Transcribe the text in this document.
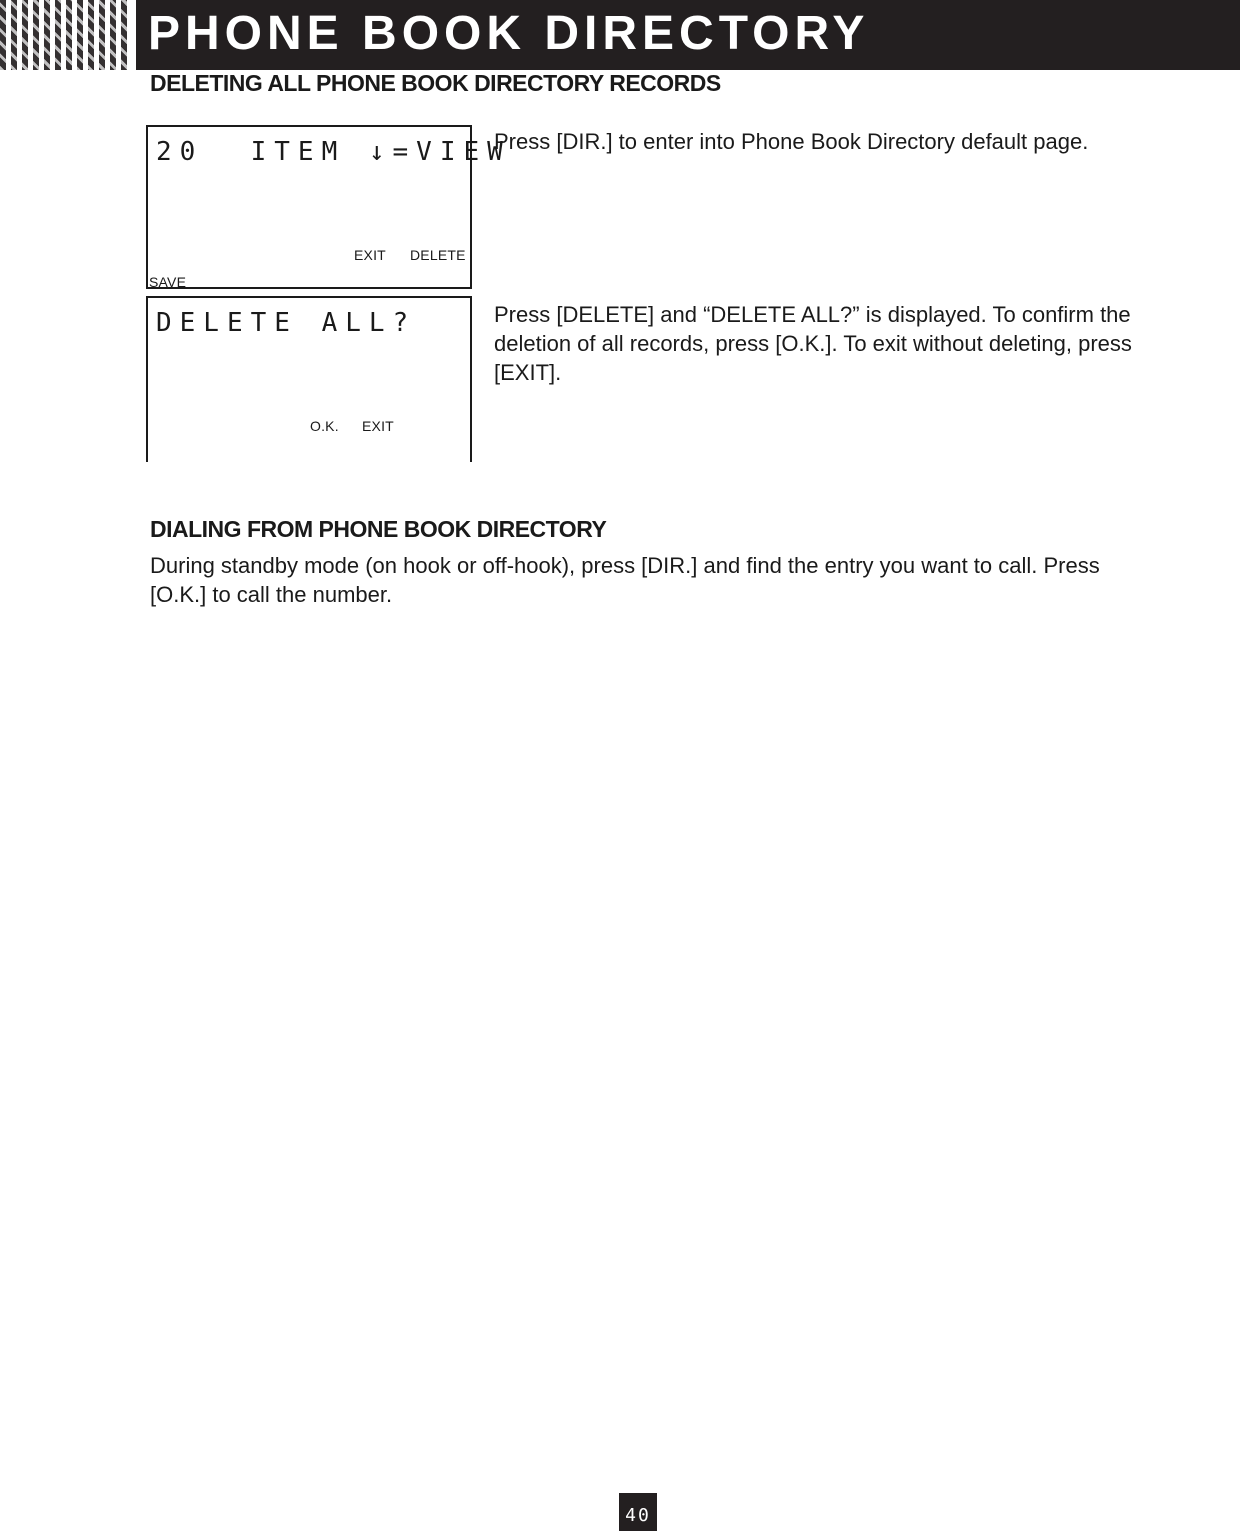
PHONE BOOK DIRECTORY
DELETING ALL PHONE BOOK DIRECTORY RECORDS
20  ITEM ↓=VIEW
EXIT DELETE
SAVE
Press [DIR.] to enter into Phone Book Directory default page.
DELETE ALL?
O.K. EXIT
Press [DELETE] and “DELETE ALL?” is displayed. To confirm the deletion of all records, press [O.K.]. To exit without deleting, press [EXIT].
DIALING FROM PHONE BOOK DIRECTORY
During standby mode (on hook or off-hook), press [DIR.] and find the entry you want to call. Press [O.K.] to call the number.
40
